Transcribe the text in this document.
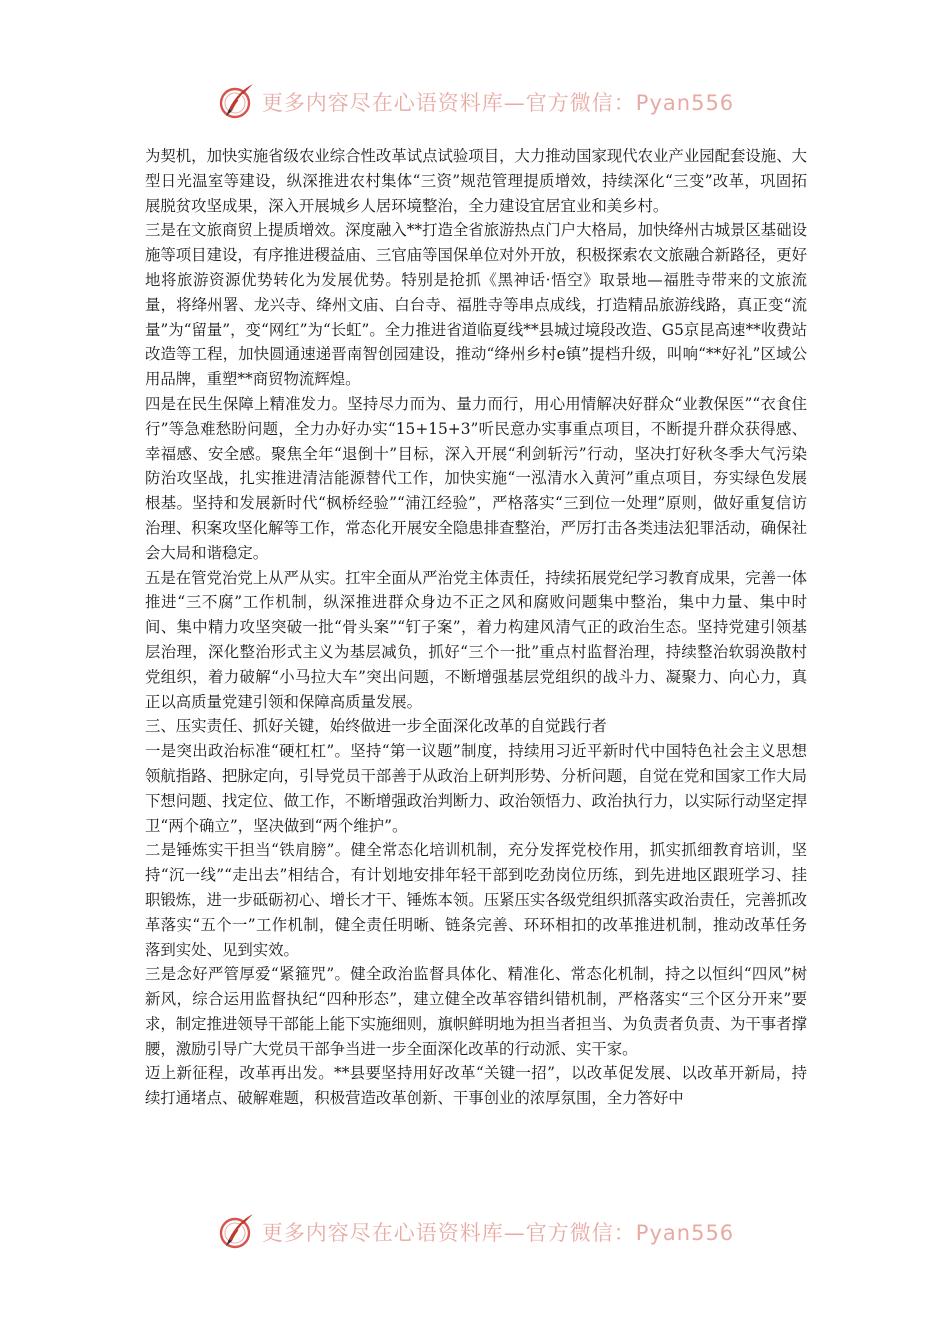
更多内容尽在心语资料库—官方微信：Pyan556

为契机，加快实施省级农业综合性改革试点试验项目，大力推动国家现代农业产业园配套设施、大型日光温室等建设，纵深推进农村集体“三资”规范管理提质增效，持续深化“三变”改革，巩固拓展脱贫攻坚成果，深入开展城乡人居环境整治，全力建设宜居宜业和美乡村。

三是在文旅商贸上提质增效。深度融入**打造全省旅游热点门户大格局，加快绛州古城景区基础设施等项目建设，有序推进稷益庙、三官庙等国保单位对外开放，积极探索农文旅融合新路径，更好地将旅游资源优势转化为发展优势。特别是抢抓《黑神话·悟空》取景地—福胜寺带来的文旅流量，将绛州署、龙兴寺、绛州文庙、白台寺、福胜寺等串点成线，打造精品旅游线路，真正变“流量”为“留量”，变“网红”为“长虹”。全力推进省道临夏线**县城过境段改造、G5京昆高速**收费站改造等工程，加快圆通速递晋南智创园建设，推动“绛州乡村e镇”提档升级，叫响“**好礼”区域公用品牌，重塑**商贸物流辉煌。

四是在民生保障上精准发力。坚持尽力而为、量力而行，用心用情解决好群众“业教保医”“衣食住行”等急难愁盼问题，全力办好办实“15+15+3”听民意办实事重点项目，不断提升群众获得感、幸福感、安全感。聚焦全年“退倒十”目标，深入开展“利剑斩污”行动，坚决打好秋冬季大气污染防治攻坚战，扎实推进清洁能源替代工作，加快实施“一泓清水入黄河”重点项目，夯实绿色发展根基。坚持和发展新时代“枫桥经验”“浦江经验”，严格落实“三到位一处理”原则，做好重复信访治理、积案攻坚化解等工作，常态化开展安全隐患排查整治，严厉打击各类违法犯罪活动，确保社会大局和谐稳定。

五是在管党治党上从严从实。扛牢全面从严治党主体责任，持续拓展党纪学习教育成果，完善一体推进“三不腐”工作机制，纵深推进群众身边不正之风和腐败问题集中整治，集中力量、集中时间、集中精力攻坚突破一批“骨头案”“钉子案”，着力构建风清气正的政治生态。坚持党建引领基层治理，深化整治形式主义为基层减负，抓好“三个一批”重点村监督治理，持续整治软弱涣散村党组织，着力破解“小马拉大车”突出问题，不断增强基层党组织的战斗力、凝聚力、向心力，真正以高质量党建引领和保障高质量发展。

三、压实责任、抓好关键，始终做进一步全面深化改革的自觉践行者

一是突出政治标准“硬杠杠”。坚持“第一议题”制度，持续用习近平新时代中国特色社会主义思想领航指路、把脉定向，引导党员干部善于从政治上研判形势、分析问题，自觉在党和国家工作大局下想问题、找定位、做工作，不断增强政治判断力、政治领悟力、政治执行力，以实际行动坚定捍卫“两个确立”，坚决做到“两个维护”。

二是锤炼实干担当“铁肩膀”。健全常态化培训机制，充分发挥党校作用，抓实抓细教育培训，坚持“沉一线”“走出去”相结合，有计划地安排年轻干部到吃劲岗位历练，到先进地区跟班学习、挂职锻炼，进一步砥砺初心、增长才干、锤炼本领。压紧压实各级党组织抓落实政治责任，完善抓改革落实“五个一”工作机制，健全责任明晰、链条完善、环环相扣的改革推进机制，推动改革任务落到实处、见到实效。

三是念好严管厚爱“紧箍咒”。健全政治监督具体化、精准化、常态化机制，持之以恒纠“四风”树新风，综合运用监督执纪“四种形态”，建立健全改革容错纠错机制，严格落实“三个区分开来”要求，制定推进领导干部能上能下实施细则，旗帜鲜明地为担当者担当、为负责者负责、为干事者撑腰，激励引导广大党员干部争当进一步全面深化改革的行动派、实干家。

迈上新征程，改革再出发。**县要坚持用好改革“关键一招”，以改革促发展、以改革开新局，持续打通堵点、破解难题，积极营造改革创新、干事创业的浓厚氛围，全力答好中

更多内容尽在心语资料库—官方微信：Pyan556
